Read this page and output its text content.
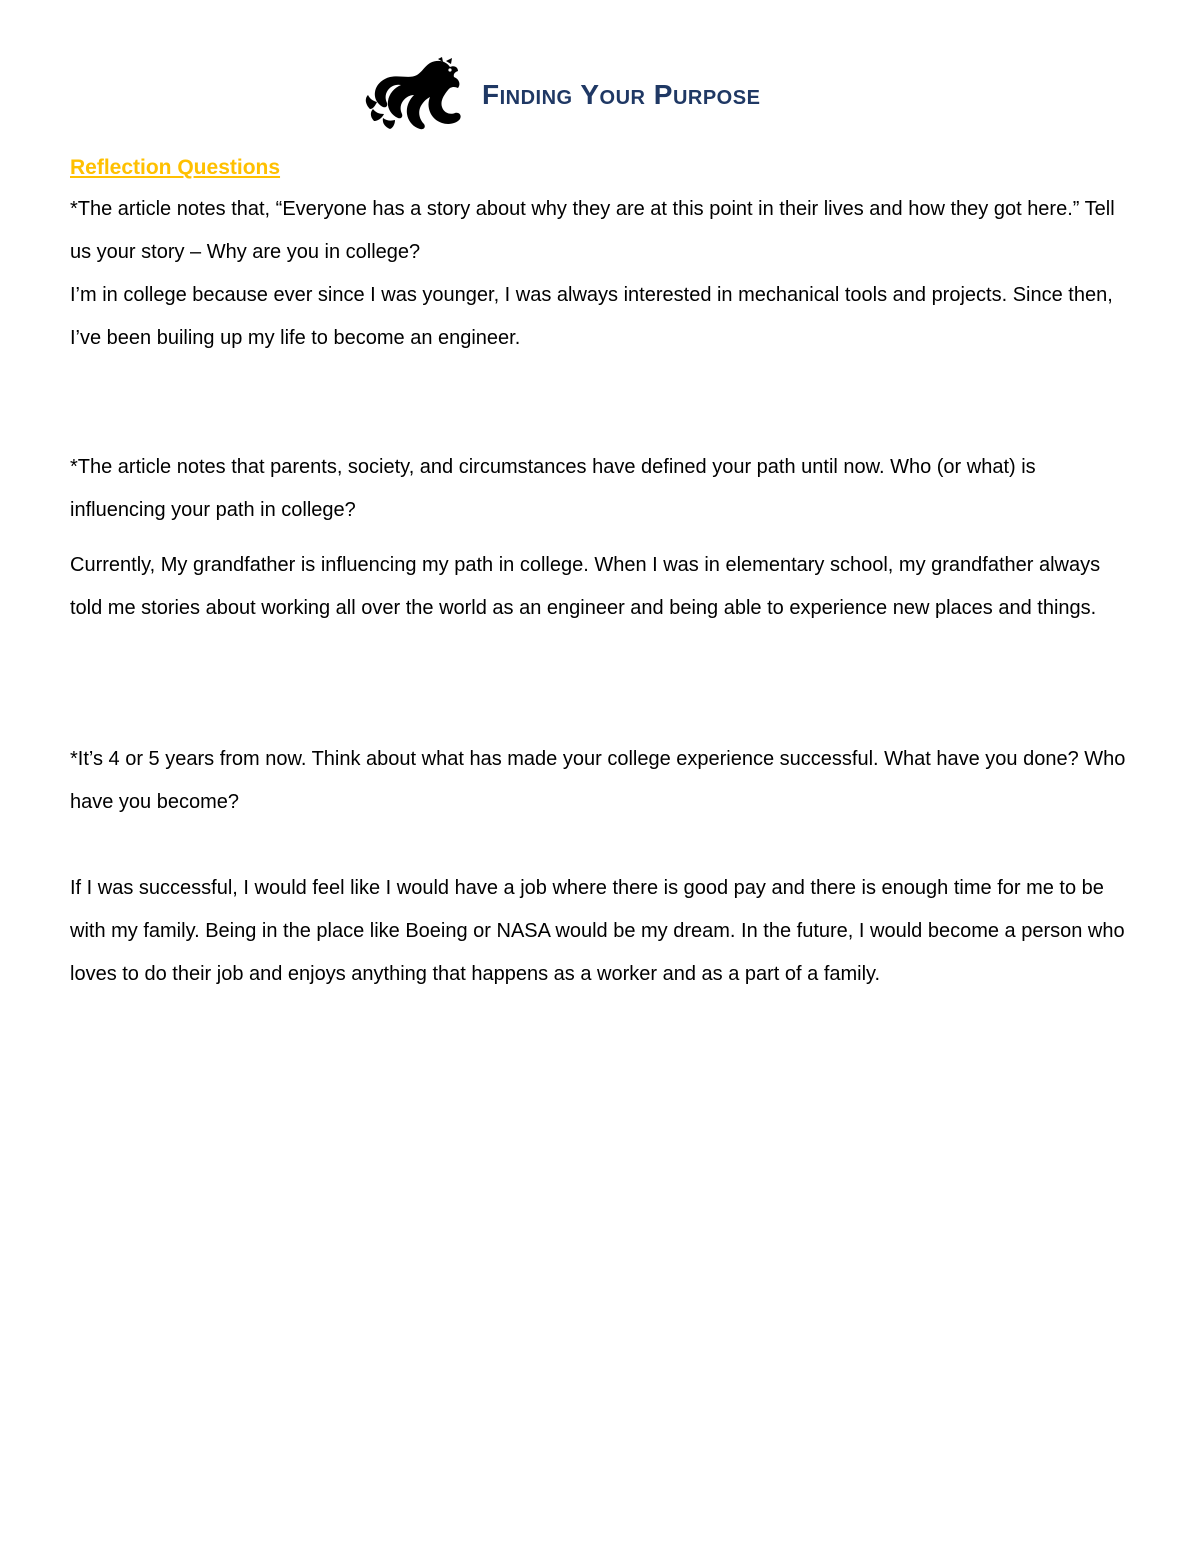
Finding Your Purpose
Reflection Questions

*The article notes that, “Everyone has a story about why they are at this point in their lives and how they got here.” Tell us your story – Why are you in college?

I’m in college because ever since I was younger, I was always interested in mechanical tools and projects. Since then, I’ve been builing up my life to become an engineer.

*The article notes that parents, society, and circumstances have defined your path until now. Who (or what) is influencing your path in college?

Currently, My grandfather is influencing my path in college. When I was in elementary school, my grandfather always told me stories about working all over the world as an engineer and being able to experience new places and things.

*It’s 4 or 5 years from now. Think about what has made your college experience successful. What have you done? Who have you become?

If I was successful, I would feel like I would have a job where there is good pay and there is enough time for me to be with my family. Being in the place like Boeing or NASA would be my dream. In the future, I would become a person who loves to do their job and enjoys anything that happens as a worker and as a part of a family.
